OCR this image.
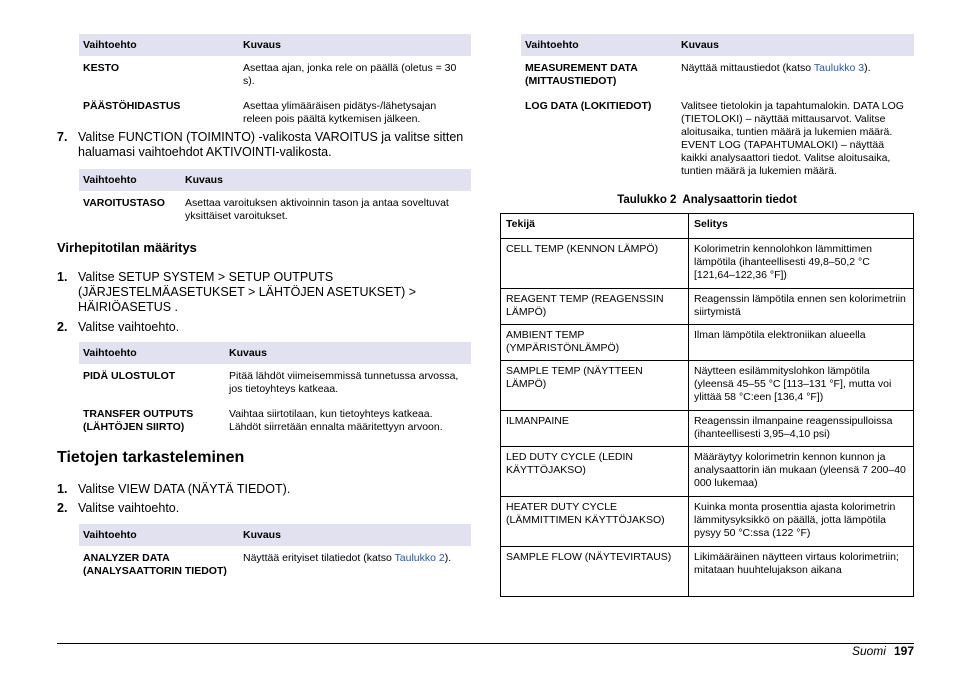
Vaihtoehto	Kuvaus
KESTO	Asettaa ajan, jonka rele on päällä (oletus = 30 s).
PÄÄSTÖHIDASTUS	Asettaa ylimääräisen pidätys-/lähetysajan releen pois päältä kytkemisen jälkeen.
7. Valitse FUNCTION (TOIMINTO) -valikosta VAROITUS ja valitse sitten haluamasi vaihtoehdot AKTIVOINTI-valikosta.
Vaihtoehto	Kuvaus
VAROITUSTASO	Asettaa varoituksen aktivoinnin tason ja antaa soveltuvat yksittäiset varoitukset.
Virhepitotilan määritys
1. Valitse SETUP SYSTEM > SETUP OUTPUTS (JÄRJESTELMÄASETUKSET > LÄHTÖJEN ASETUKSET) > HÄIRIÖASETUS .
2. Valitse vaihtoehto.
Vaihtoehto	Kuvaus
PIDÄ ULOSTULOT	Pitää lähdöt viimeisemmissä tunnetussa arvossa, jos tietoyhteys katkeaa.
TRANSFER OUTPUTS (LÄHTÖJEN SIIRTO)	Vaihtaa siirtotilaan, kun tietoyhteys katkeaa. Lähdöt siirretään ennalta määritettyyn arvoon.
Tietojen tarkasteleminen
1. Valitse VIEW DATA (NÄYTÄ TIEDOT).
2. Valitse vaihtoehto.
Vaihtoehto	Kuvaus
ANALYZER DATA (ANALYSAATTORIN TIEDOT)	Näyttää erityiset tilatiedot (katso Taulukko 2).
Vaihtoehto	Kuvaus
MEASUREMENT DATA (MITTAUSTIEDOT)	Näyttää mittaustiedot (katso Taulukko 3).
LOG DATA (LOKITIEDOT)	Valitsee tietolokin ja tapahtumalokin. DATA LOG (TIETOLOKI) – näyttää mittausarvot. Valitse aloitusaika, tuntien määrä ja lukemien määrä. EVENT LOG (TAPAHTUMALOKI) – näyttää kaikki analysaattori tiedot. Valitse aloitusaika, tuntien määrä ja lukemien määrä.
Taulukko 2  Analysaattorin tiedot
Tekijä	Selitys
CELL TEMP (KENNON LÄMPÖ)	Kolorimetrin kennolohkon lämmittimen lämpötila (ihanteellisesti 49,8–50,2 °C [121,64–122,36 °F])
REAGENT TEMP (REAGENSSIN LÄMPÖ)	Reagenssin lämpötila ennen sen kolorimetriin siirtymistä
AMBIENT TEMP (YMPÄRISTÖNLÄMPÖ)	Ilman lämpötila elektroniikan alueella
SAMPLE TEMP (NÄYTTEEN LÄMPÖ)	Näytteen esilämmityslohkon lämpötila (yleensä 45–55 °C [113–131 °F], mutta voi ylittää 58 °C:een [136,4 °F])
ILMANPAINE	Reagenssin ilmanpaine reagenssipulloissa (ihanteellisesti 3,95–4,10 psi)
LED DUTY CYCLE (LEDIN KÄYTTÖJAKSO)	Määräytyy kolorimetrin kennon kunnon ja analysaattorin iän mukaan (yleensä 7 200–40 000 lukemaa)
HEATER DUTY CYCLE (LÄMMITTIMEN KÄYTTÖJAKSO)	Kuinka monta prosenttia ajasta kolorimetrin lämmitysyksikkö on päällä, jotta lämpötila pysyy 50 °C:ssa (122 °F)
SAMPLE FLOW (NÄYTEVIRTAUS)	Likimääräinen näytteen virtaus kolorimetriin; mitataan huuhtelujakson aikana
Suomi 197
